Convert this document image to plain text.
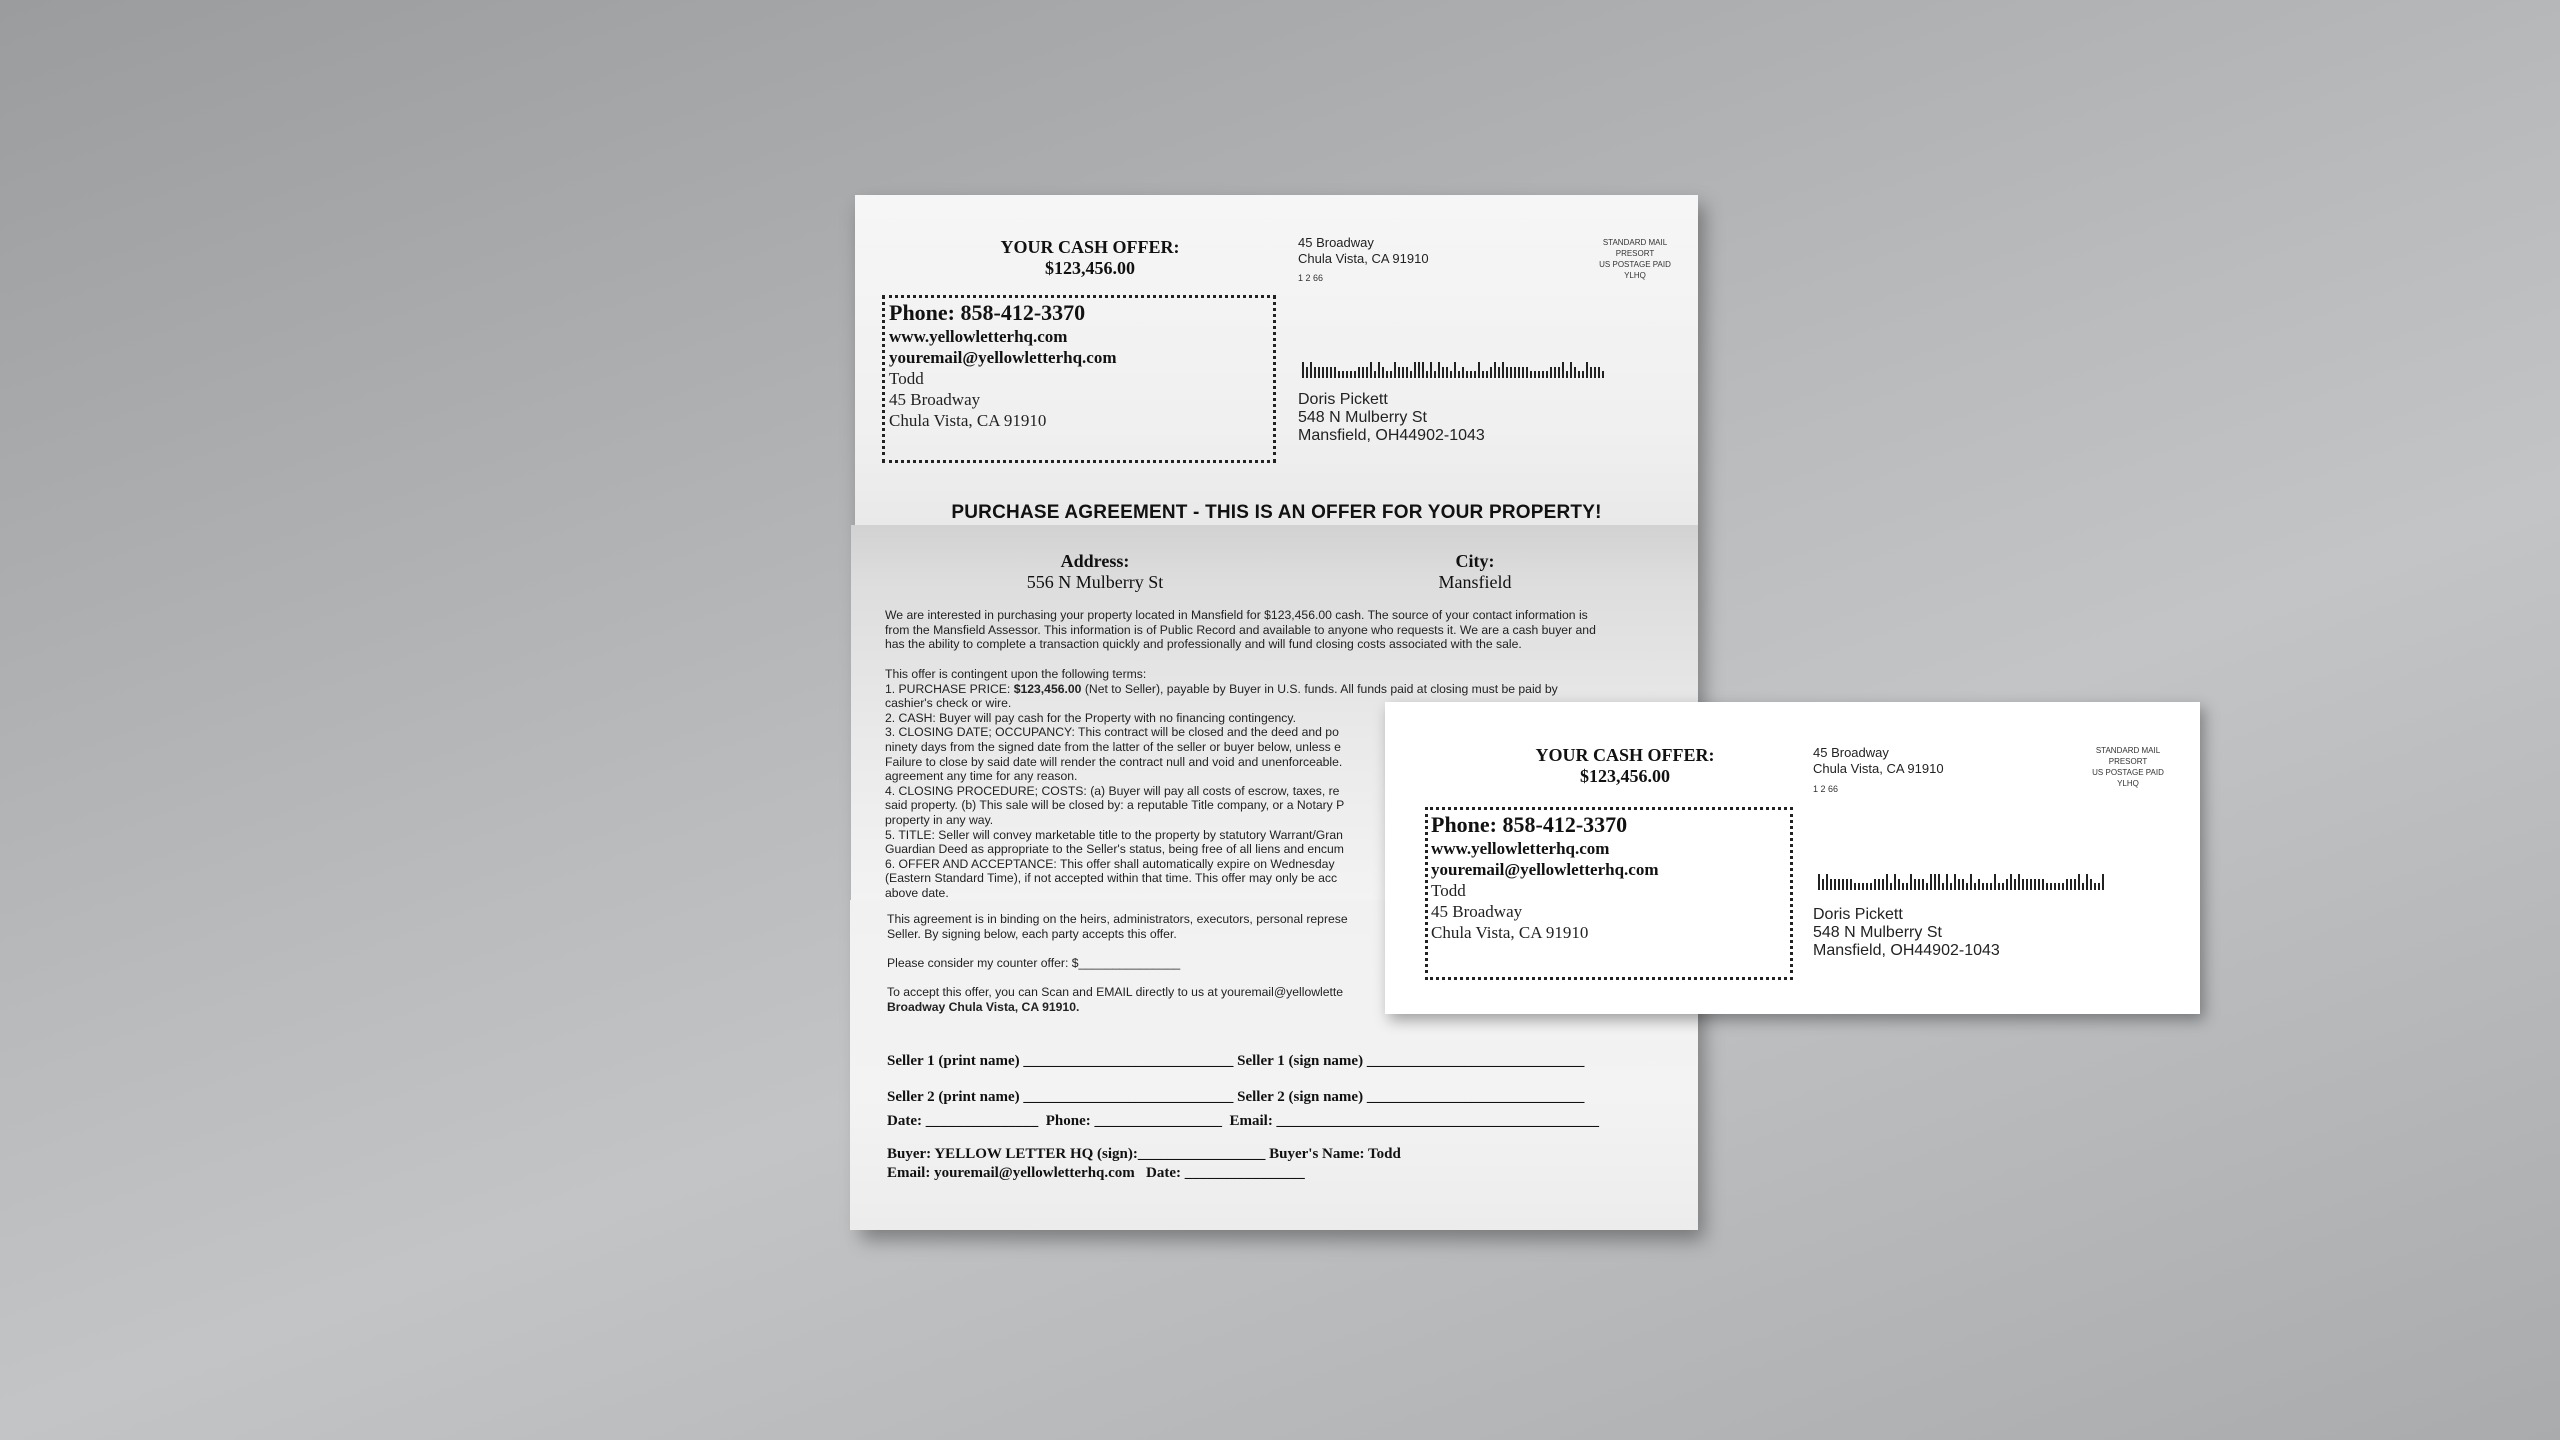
YOUR CASH OFFER:
$123,456.00
45 Broadway
Chula Vista, CA 91910
1 2 66
STANDARD MAIL
PRESORT
US POSTAGE PAID
YLHQ
Phone: 858-412-3370
www.yellowletterhq.com
youremail@yellowletterhq.com
Todd
45 Broadway
Chula Vista, CA 91910
Doris Pickett
548 N Mulberry St
Mansfield, OH44902-1043
PURCHASE AGREEMENT - THIS IS AN OFFER FOR YOUR PROPERTY!
Address:
556 N Mulberry St
City:
Mansfield
We are interested in purchasing your property located in Mansfield for $123,456.00 cash. The source of your contact information is
from the Mansfield Assessor. This information is of Public Record and available to anyone who requests it. We are a cash buyer and
has the ability to complete a transaction quickly and professionally and will fund closing costs associated with the sale.
This offer is contingent upon the following terms:
1. PURCHASE PRICE: $123,456.00 (Net to Seller), payable by Buyer in U.S. funds. All funds paid at closing must be paid by
cashier's check or wire.
2. CASH: Buyer will pay cash for the Property with no financing contingency.
3. CLOSING DATE; OCCUPANCY: This contract will be closed and the deed and po
ninety days from the signed date from the latter of the seller or buyer below, unless e
Failure to close by said date will render the contract null and void and unenforceable.
agreement any time for any reason.
4. CLOSING PROCEDURE; COSTS: (a) Buyer will pay all costs of escrow, taxes, re
said property. (b) This sale will be closed by: a reputable Title company, or a Notary P
property in any way.
5. TITLE: Seller will convey marketable title to the property by statutory Warrant/Gran
Guardian Deed as appropriate to the Seller's status, being free of all liens and encum
6. OFFER AND ACCEPTANCE: This offer shall automatically expire on Wednesday
(Eastern Standard Time), if not accepted within that time. This offer may only be acc
above date.
This agreement is in binding on the heirs, administrators, executors, personal represe
Seller. By signing below, each party accepts this offer.
Please consider my counter offer: $_______________
To accept this offer, you can Scan and EMAIL directly to us at youremail@yellowlette
Broadway Chula Vista, CA 91910.
Seller 1 (print name) ____________________________ Seller 1 (sign name) _____________________________
Seller 2 (print name) ____________________________ Seller 2 (sign name) _____________________________
Date: _______________  Phone: _________________  Email: ___________________________________________
Buyer: YELLOW LETTER HQ (sign):_________________ Buyer's Name: Todd
Email: youremail@yellowletterhq.com   Date: ________________
YOUR CASH OFFER:
$123,456.00
45 Broadway
Chula Vista, CA 91910
1 2 66
STANDARD MAIL
PRESORT
US POSTAGE PAID
YLHQ
Phone: 858-412-3370
www.yellowletterhq.com
youremail@yellowletterhq.com
Todd
45 Broadway
Chula Vista, CA 91910
Doris Pickett
548 N Mulberry St
Mansfield, OH44902-1043
